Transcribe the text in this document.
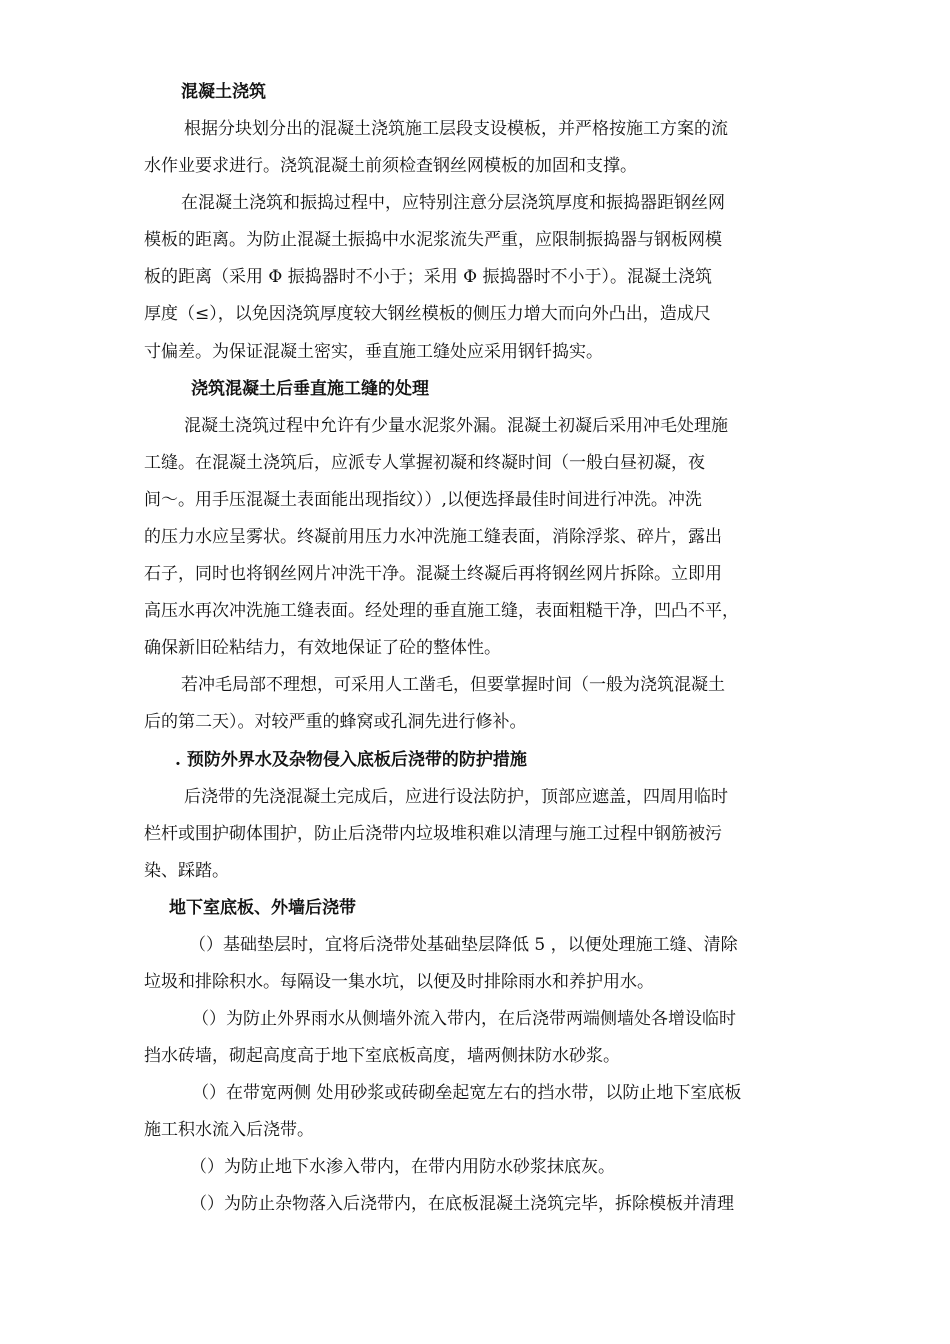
混凝土浇筑

根据分块划分出的混凝土浇筑施工层段支设模板，并严格按施工方案的流
水作业要求进行。浇筑混凝土前须检查钢丝网模板的加固和支撑。

在混凝土浇筑和振捣过程中，应特别注意分层浇筑厚度和振捣器距钢丝网
模板的距离。为防止混凝土振捣中水泥浆流失严重，应限制振捣器与钢板网模
板的距离（采用 Φ 振捣器时不小于；采用 Φ 振捣器时不小于）。混凝土浇筑
厚度（≤），以免因浇筑厚度较大钢丝模板的侧压力增大而向外凸出，造成尺
寸偏差。为保证混凝土密实，垂直施工缝处应采用钢钎捣实。

浇筑混凝土后垂直施工缝的处理

混凝土浇筑过程中允许有少量水泥浆外漏。混凝土初凝后采用冲毛处理施
工缝。在混凝土浇筑后，应派专人掌握初凝和终凝时间（一般白昼初凝，夜
间～。用手压混凝土表面能出现指纹））,以便选择最佳时间进行冲洗。冲洗
的压力水应呈雾状。终凝前用压力水冲洗施工缝表面，消除浮浆、碎片，露出
石子，同时也将钢丝网片冲洗干净。混凝土终凝后再将钢丝网片拆除。立即用
高压水再次冲洗施工缝表面。经处理的垂直施工缝，表面粗糙干净，凹凸不平，
确保新旧砼粘结力，有效地保证了砼的整体性。

若冲毛局部不理想，可采用人工凿毛，但要掌握时间（一般为浇筑混凝土
后的第二天）。对较严重的蜂窝或孔洞先进行修补。

. 预防外界水及杂物侵入底板后浇带的防护措施

后浇带的先浇混凝土完成后，应进行设法防护，顶部应遮盖，四周用临时
栏杆或围护砌体围护，防止后浇带内垃圾堆积难以清理与施工过程中钢筋被污
染、踩踏。

地下室底板、外墙后浇带

（）基础垫层时，宜将后浇带处基础垫层降低 5 ，以便处理施工缝、清除
垃圾和排除积水。每隔设一集水坑，以便及时排除雨水和养护用水。

（）为防止外界雨水从侧墙外流入带内，在后浇带两端侧墙处各增设临时
挡水砖墙，砌起高度高于地下室底板高度，墙两侧抹防水砂浆。

（）在带宽两侧 处用砂浆或砖砌垒起宽左右的挡水带，以防止地下室底板
施工积水流入后浇带。

（）为防止地下水渗入带内，在带内用防水砂浆抹底灰。

（）为防止杂物落入后浇带内，在底板混凝土浇筑完毕，拆除模板并清理
